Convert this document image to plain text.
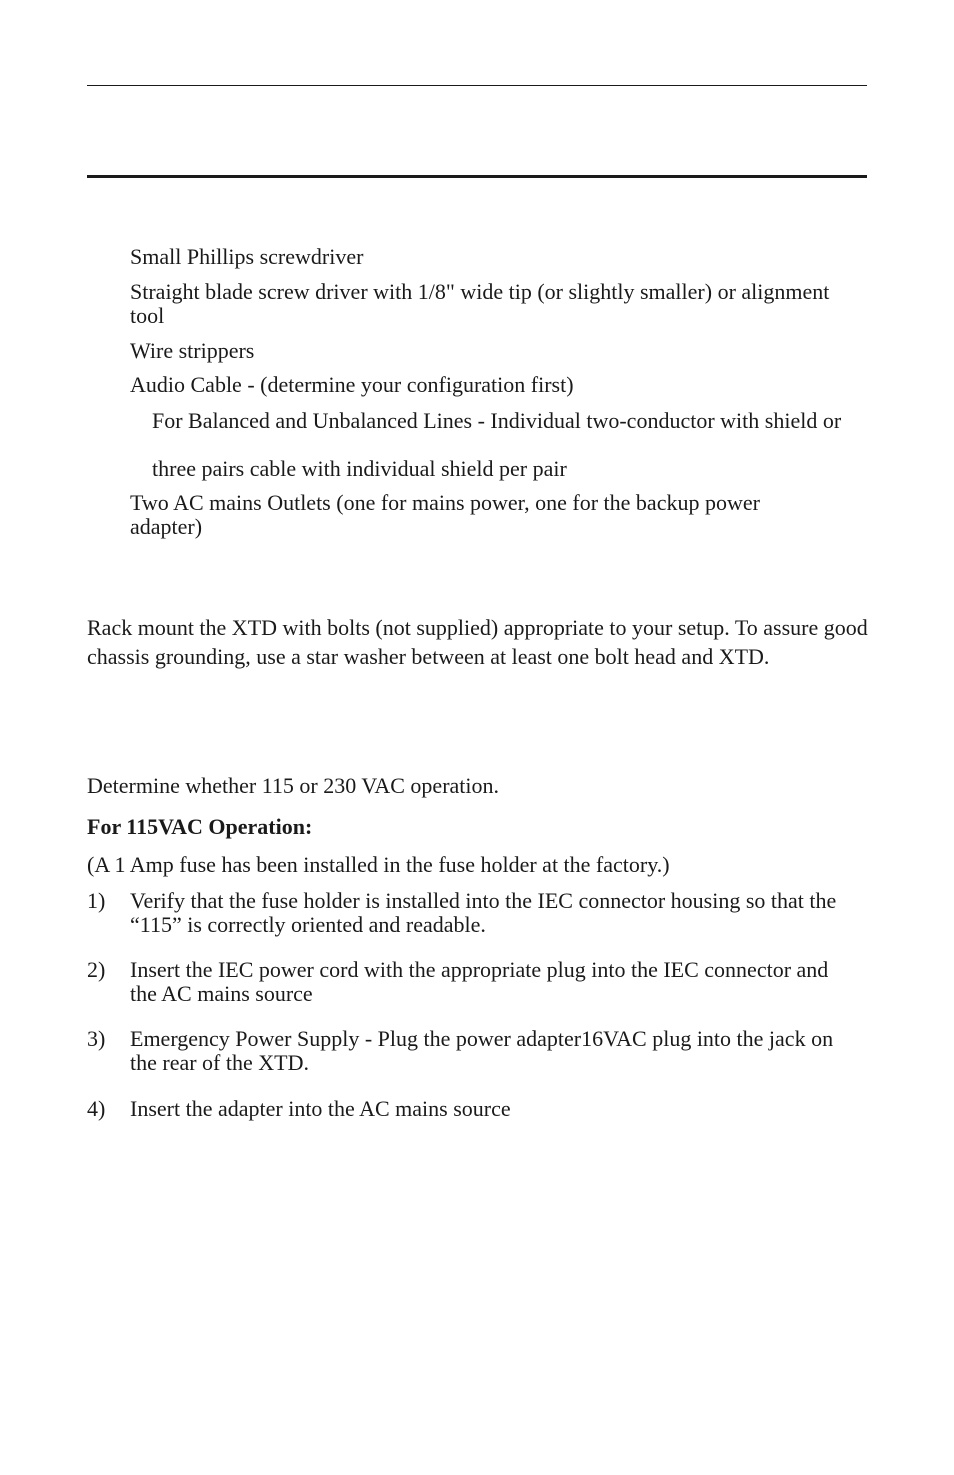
Small Phillips screwdriver

Straight blade screw driver with 1/8" wide tip (or slightly smaller) or alignment tool

Wire strippers

Audio Cable - (determine your configuration first)

For Balanced and Unbalanced Lines - Individual two-conductor with shield or

three pairs cable with individual shield per pair

Two AC mains Outlets (one for mains power, one for the backup power adapter)

Rack mount the XTD with bolts (not supplied) appropriate to your setup. To assure good chassis grounding, use a star washer between at least one bolt head and XTD.

Determine whether 115 or 230 VAC operation.

For 115VAC Operation:

(A 1 Amp fuse has been installed in the fuse holder at the factory.)

1) Verify that the fuse holder is installed into the IEC connector housing so that the “115” is correctly oriented and readable.

2) Insert the IEC power cord with the appropriate plug into the IEC connector and the AC mains source

3) Emergency Power Supply - Plug the power adapter16VAC plug into the jack on the rear of the XTD.

4) Insert the adapter into the AC mains source
